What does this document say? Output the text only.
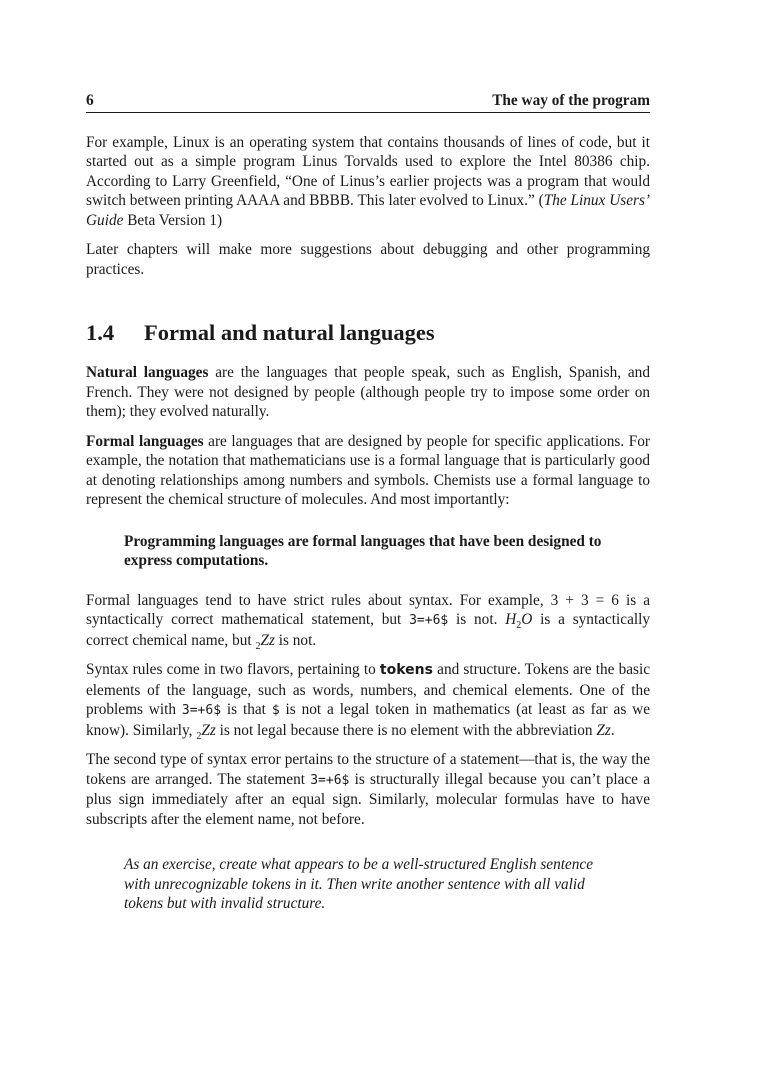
6	The way of the program

For example, Linux is an operating system that contains thousands of lines of code, but it started out as a simple program Linus Torvalds used to explore the Intel 80386 chip. According to Larry Greenfield, “One of Linus’s earlier projects was a program that would switch between printing AAAA and BBBB. This later evolved to Linux.” (The Linux Users’ Guide Beta Version 1)

Later chapters will make more suggestions about debugging and other programming practices.

1.4 Formal and natural languages

Natural languages are the languages that people speak, such as English, Spanish, and French. They were not designed by people (although people try to impose some order on them); they evolved naturally.

Formal languages are languages that are designed by people for specific applications. For example, the notation that mathematicians use is a formal language that is particularly good at denoting relationships among numbers and symbols. Chemists use a formal language to represent the chemical structure of molecules. And most importantly:

Programming languages are formal languages that have been designed to express computations.

Formal languages tend to have strict rules about syntax. For example, 3 + 3 = 6 is a syntactically correct mathematical statement, but 3=+6$ is not. $H_2O$ is a syntactically correct chemical name, but $_2$Zz is not.

Syntax rules come in two flavors, pertaining to tokens and structure. Tokens are the basic elements of the language, such as words, numbers, and chemical elements. One of the problems with 3=+6$ is that $ is not a legal token in mathematics (at least as far as we know). Similarly, $_2$Zz is not legal because there is no element with the abbreviation Zz.

The second type of syntax error pertains to the structure of a statement—that is, the way the tokens are arranged. The statement 3=+6$ is structurally illegal because you can’t place a plus sign immediately after an equal sign. Similarly, molecular formulas have to have subscripts after the element name, not before.

As an exercise, create what appears to be a well-structured English sentence with unrecognizable tokens in it. Then write another sentence with all valid tokens but with invalid structure.
